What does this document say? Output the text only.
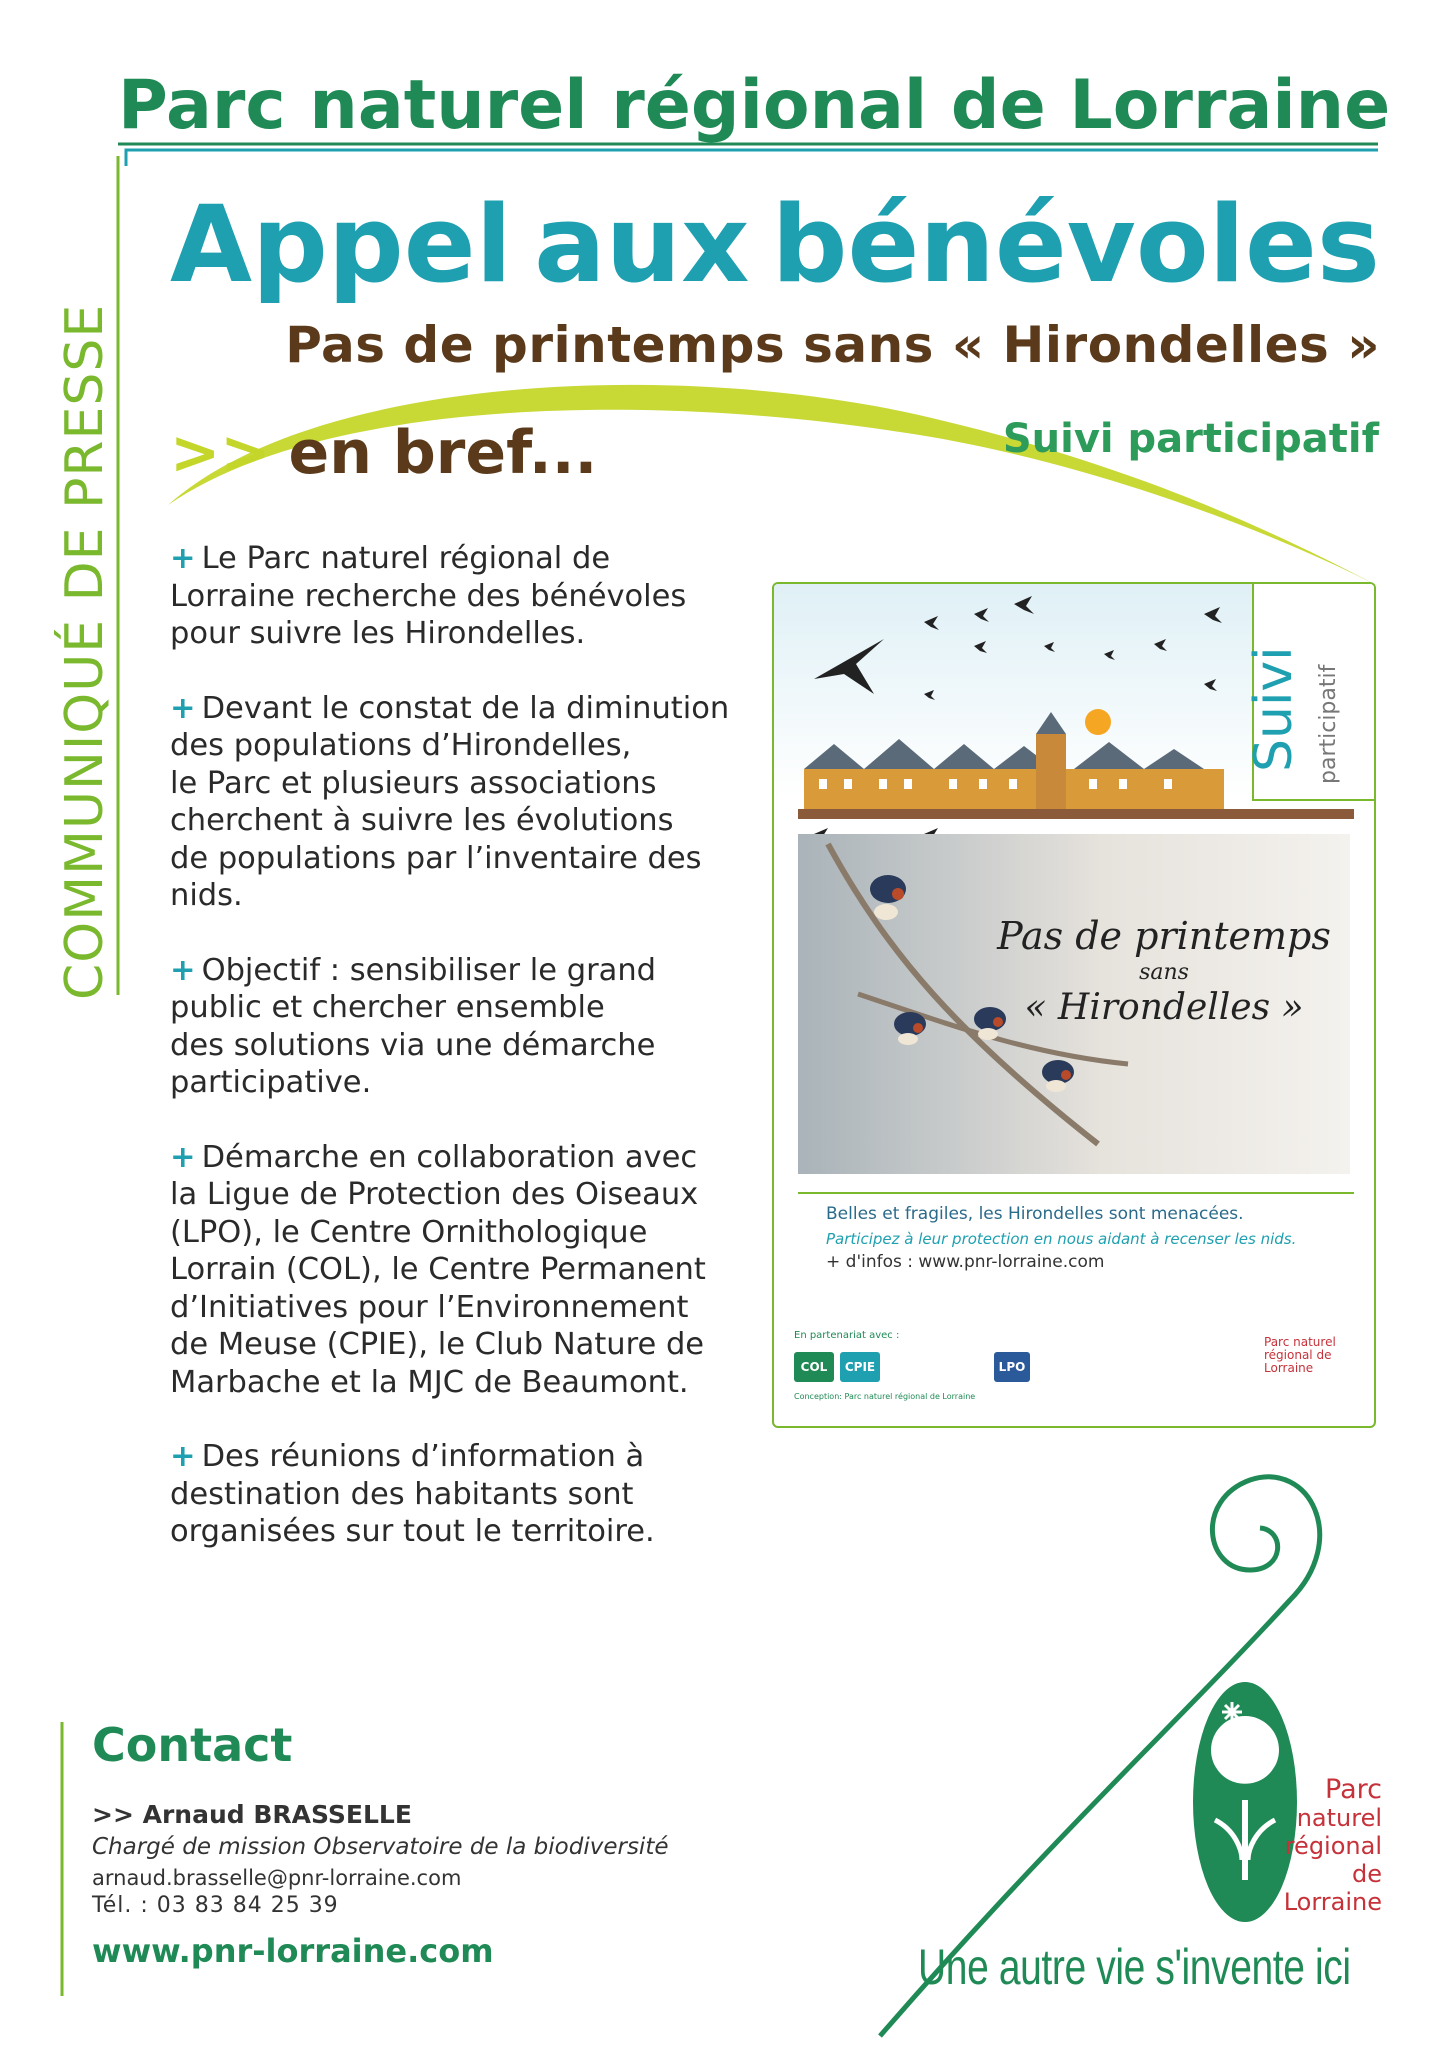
COMMUNIQUÉ DE PRESSE
Parc naturel régional de Lorraine
Appel aux bénévoles
Pas de printemps sans « Hirondelles »
>> en bref...	Suivi participatif
+ Le Parc naturel régional de
Lorraine recherche des bénévoles
pour suivre les Hirondelles.
+ Devant le constat de la diminution
des populations d’Hirondelles,
le Parc et plusieurs associations
cherchent à suivre les évolutions
de populations par l’inventaire des
nids.
+ Objectif : sensibiliser le grand
public et chercher ensemble
des solutions via une démarche
participative.
+ Démarche en collaboration avec
la Ligue de Protection des Oiseaux
(LPO), le Centre Ornithologique
Lorrain (COL), le Centre Permanent
d’Initiatives pour l’Environnement
de Meuse (CPIE), le Club Nature de
Marbache et la MJC de Beaumont.
+ Des réunions d’information à
destination des habitants sont
organisées sur tout le territoire.
Suivi participatif
Pas de printemps
sans
« Hirondelles »
Belles et fragiles, les Hirondelles sont menacées.
Participez à leur protection en nous aidant à recenser les nids.
+ d'infos : www.pnr-lorraine.com
En partenariat avec :
COL	CPIE	LPO
Conception: Parc naturel régional de Lorraine
Parc naturel régional de Lorraine
Contact
>> Arnaud BRASSELLE
Chargé de mission Observatoire de la biodiversité
arnaud.brasselle@pnr-lorraine.com
Tél. : 03 83 84 25 39
www.pnr-lorraine.com
Parc
naturel
régional
de Lorraine
Une autre vie s'invente ici
